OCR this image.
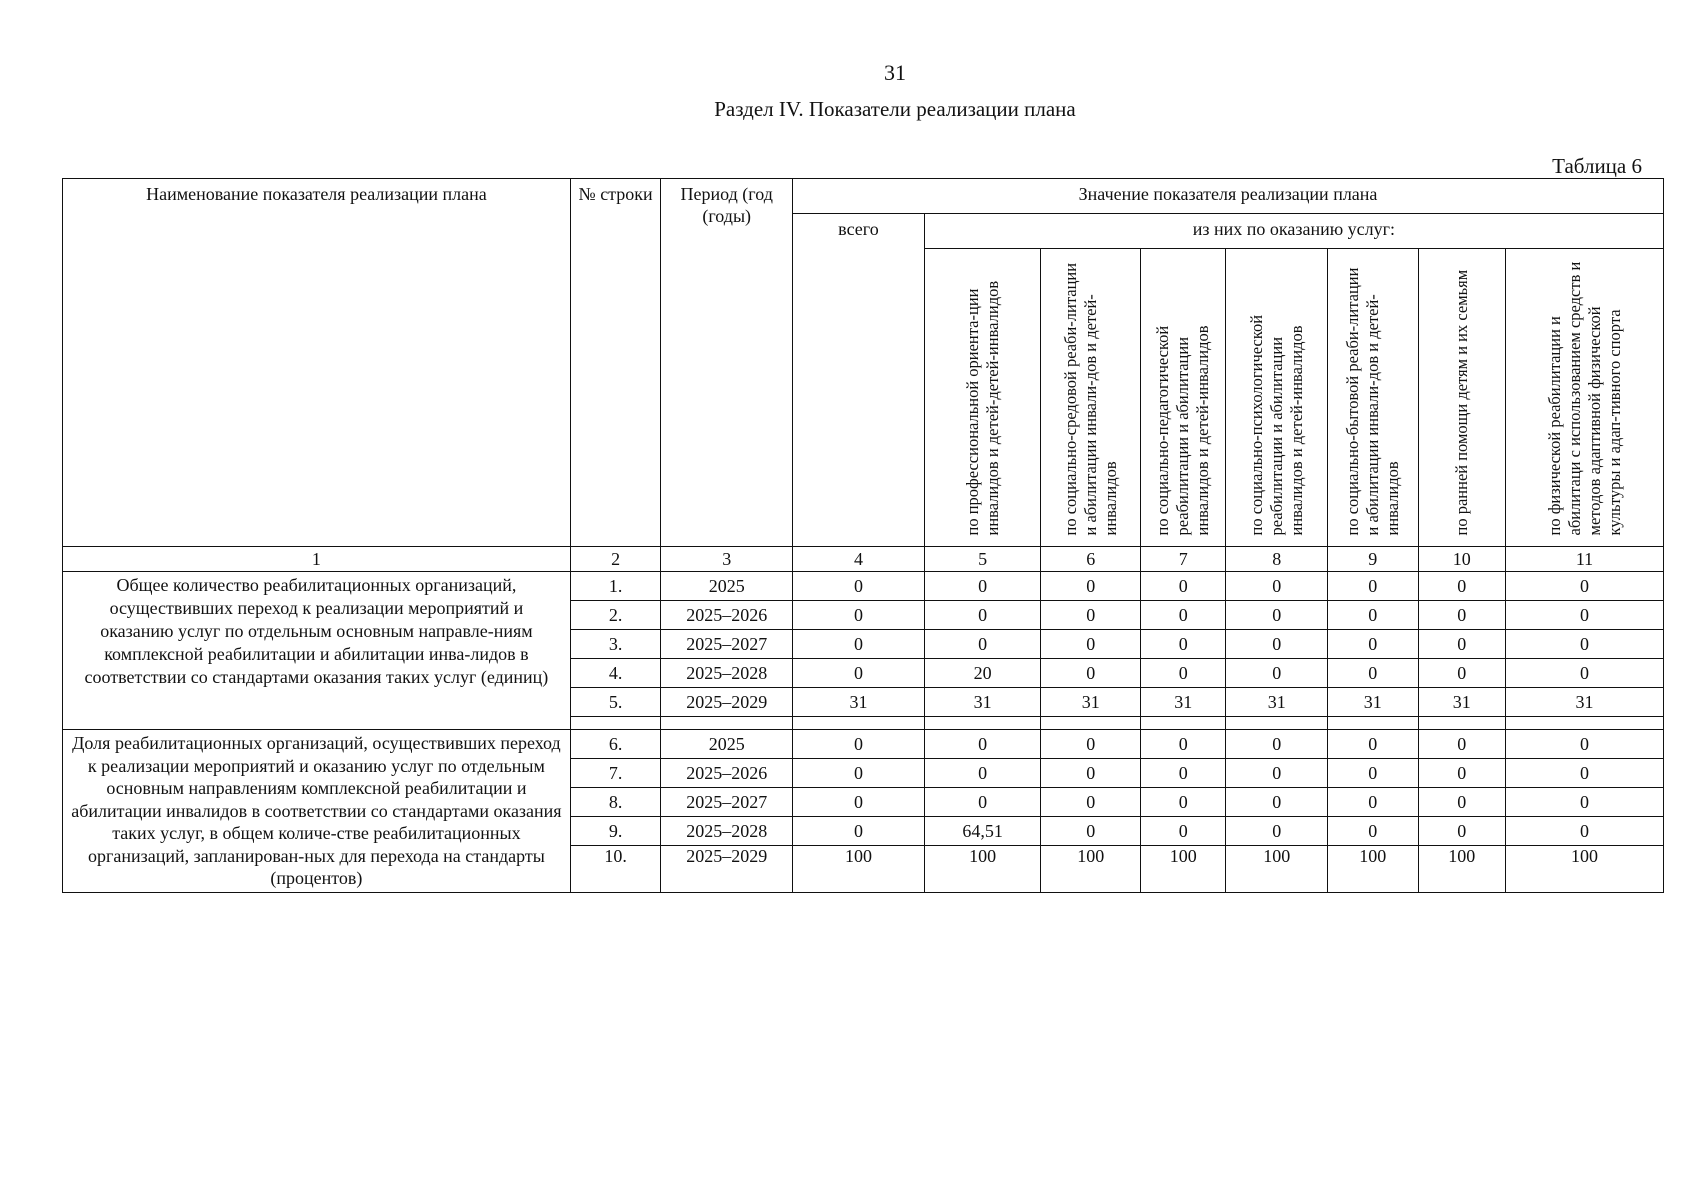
31
Раздел IV. Показатели реализации плана
Таблица 6
Наименование показателя реализации плана	№ строки	Период (год (годы)	Значение показателя реализации плана							
			всего	из них по оказанию услуг:						

				по профессиональной ориента-ции инвалидов и детей-детей-инвалидов	по социально-средовой реаби-литации и абилитации инвали-дов и детей-инвалидов	по социально-педагогической реабилитации и абилитации инвалидов и детей-инвалидов	по социально-психологической реабилитации и абилитации инвалидов и детей-инвалидов	по социально-бытовой реаби-литации и абилитации инвали-дов и детей-инвалидов	по ранней помощи детям и их семьям	по физической реабилитации и абилитаци с использованием средств и методов адаптивной физической культуры и адап-тивного спорта

1	2	3	4	5	6	7	8	9	10	11
Общее количество реабилитационных организаций, осуществивших переход к реализации мероприятий и оказанию услуг по отдельным основным направле-ниям комплексной реабилитации и абилитации инва-лидов в соответствии со стандартами оказания таких услуг (единиц)	1.	2025	0	0	0	0	0	0	0	0
	2.	2025–2026	0	0	0	0	0	0	0	0
	3.	2025–2027	0	0	0	0	0	0	0	0
	4.	2025–2028	0	20	0	0	0	0	0	0
	5.	2025–2029	31	31	31	31	31	31	31	31

Доля реабилитационных организаций, осуществивших переход к реализации мероприятий и оказанию услуг по отдельным основным направлениям комплексной реабилитации и абилитации инвалидов в соответствии со стандартами оказания таких услуг, в общем количе-стве реабилитационных организаций, запланирован-ных для перехода на стандарты (процентов)	6.	2025	0	0	0	0	0	0	0	0
	7.	2025–2026	0	0	0	0	0	0	0	0
	8.	2025–2027	0	0	0	0	0	0	0	0
	9.	2025–2028	0	64,51	0	0	0	0	0	0
	10.	2025–2029	100	100	100	100	100	100	100	100
